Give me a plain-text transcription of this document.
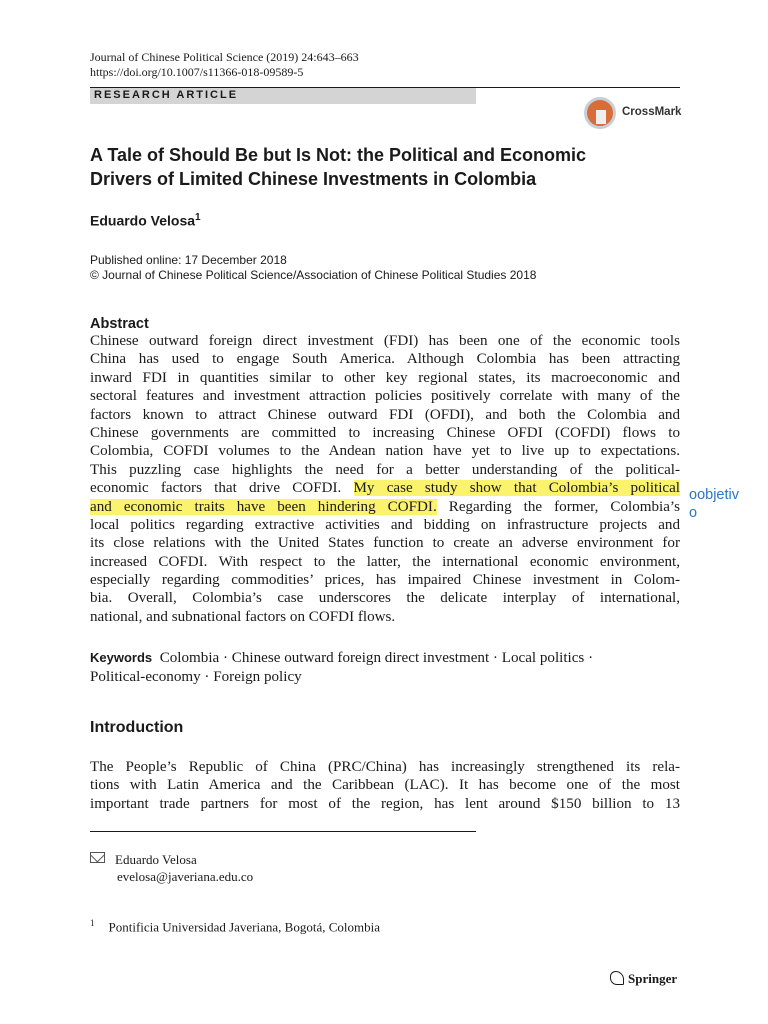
Journal of Chinese Political Science (2019) 24:643–663
https://doi.org/10.1007/s11366-018-09589-5
RESEARCH ARTICLE
CrossMark
A Tale of Should Be but Is Not: the Political and Economic
Drivers of Limited Chinese Investments in Colombia
Eduardo Velosa$^1$
Published online: 17 December 2018
© Journal of Chinese Political Science/Association of Chinese Political Studies 2018
Abstract
Chinese outward foreign direct investment (FDI) has been one of the economic tools
China has used to engage South America. Although Colombia has been attracting
inward FDI in quantities similar to other key regional states, its macroeconomic and
sectoral features and investment attraction policies positively correlate with many of the
factors known to attract Chinese outward FDI (OFDI), and both the Colombia and
Chinese governments are committed to increasing Chinese OFDI (COFDI) flows to
Colombia, COFDI volumes to the Andean nation have yet to live up to expectations.
This puzzling case highlights the need for a better understanding of the political-
economic factors that drive COFDI. My case study show that Colombia’s political
and economic traits have been hindering COFDI. Regarding the former, Colombia’s
local politics regarding extractive activities and bidding on infrastructure projects and
its close relations with the United States function to create an adverse environment for
increased COFDI. With respect to the latter, the international economic environment,
especially regarding commodities’ prices, has impaired Chinese investment in Colom-
bia. Overall, Colombia’s case underscores the delicate interplay of international,
national, and subnational factors on COFDI flows.
oobjetiv
o
Keywords Colombia · Chinese outward foreign direct investment · Local politics ·
Political-economy · Foreign policy
Introduction
The People’s Republic of China (PRC/China) has increasingly strengthened its rela-
tions with Latin America and the Caribbean (LAC). It has become one of the most
important trade partners for most of the region, has lent around $150 billion to 13
Eduardo Velosa
evelosa@javeriana.edu.co
$^1$ Pontificia Universidad Javeriana, Bogotá, Colombia
Springer
